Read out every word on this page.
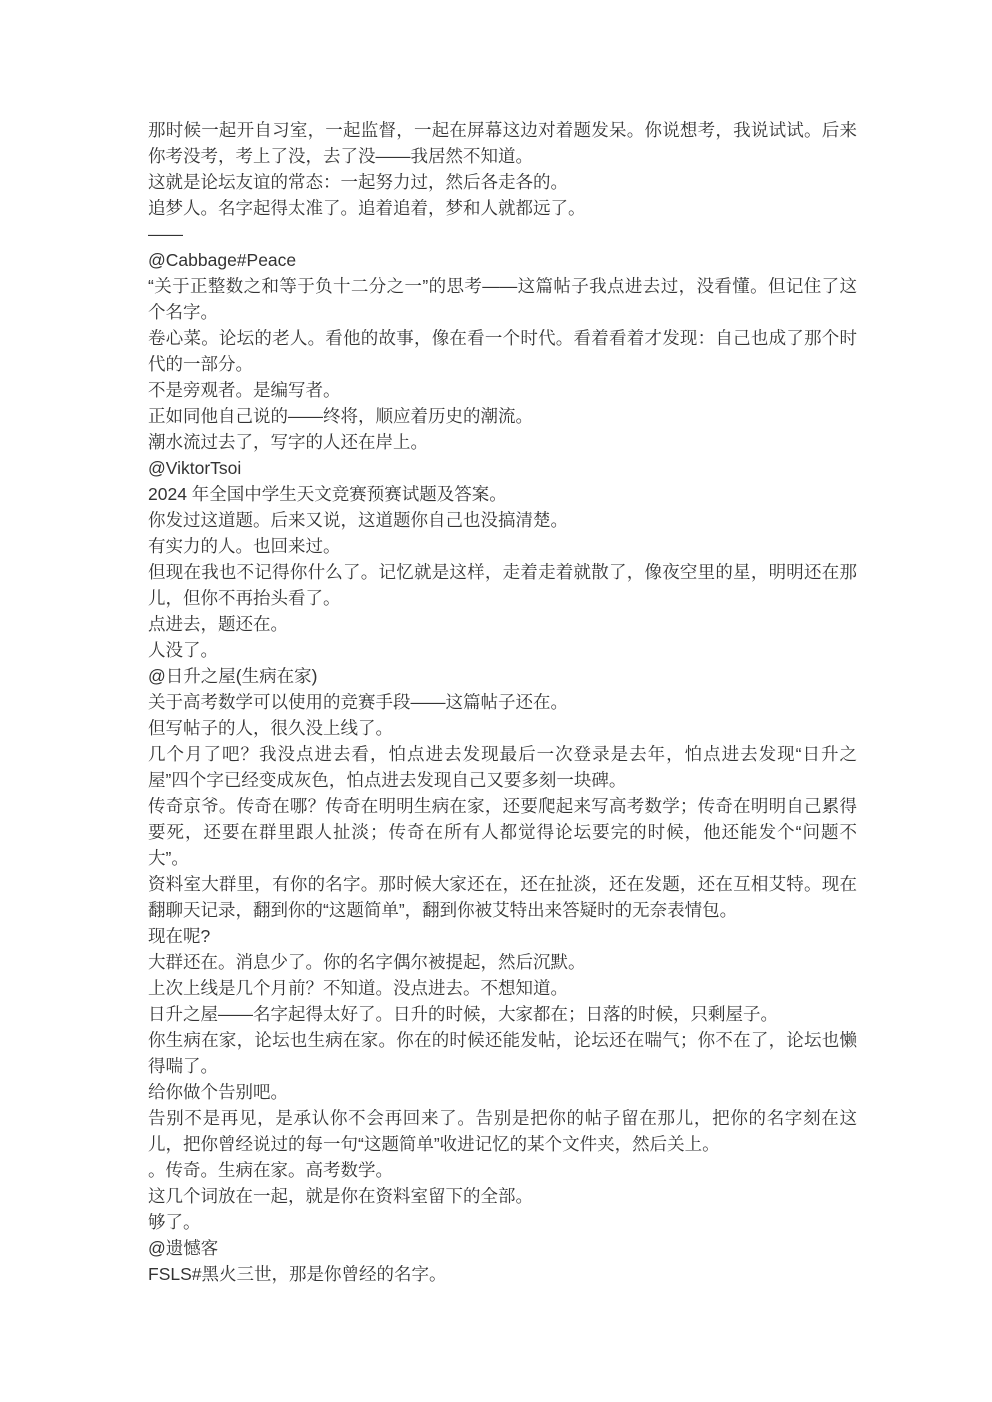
那时候一起开自习室，一起监督，一起在屏幕这边对着题发呆。你说想考，我说试试。后来你考没考，考上了没，去了没——我居然不知道。

这就是论坛友谊的常态：一起努力过，然后各走各的。

追梦人。名字起得太准了。追着追着，梦和人就都远了。

——

@Cabbage#Peace

“关于正整数之和等于负十二分之一”的思考——这篇帖子我点进去过，没看懂。但记住了这个名字。

卷心菜。论坛的老人。看他的故事，像在看一个时代。看着看着才发现：自己也成了那个时代的一部分。

不是旁观者。是编写者。

正如同他自己说的——终将，顺应着历史的潮流。

潮水流过去了，写字的人还在岸上。

@ViktorTsoi

2024 年全国中学生天文竞赛预赛试题及答案。

你发过这道题。后来又说，这道题你自己也没搞清楚。

有实力的人。也回来过。

但现在我也不记得你什么了。记忆就是这样，走着走着就散了，像夜空里的星，明明还在那儿，但你不再抬头看了。

点进去，题还在。

人没了。

@日升之屋(生病在家)

关于高考数学可以使用的竞赛手段——这篇帖子还在。

但写帖子的人，很久没上线了。

几个月了吧？我没点进去看，怕点进去发现最后一次登录是去年，怕点进去发现“日升之屋”四个字已经变成灰色，怕点进去发现自己又要多刻一块碑。

传奇京爷。传奇在哪？传奇在明明生病在家，还要爬起来写高考数学；传奇在明明自己累得要死，还要在群里跟人扯淡；传奇在所有人都觉得论坛要完的时候，他还能发个“问题不大”。

资料室大群里，有你的名字。那时候大家还在，还在扯淡，还在发题，还在互相艾特。现在翻聊天记录，翻到你的“这题简单”，翻到你被艾特出来答疑时的无奈表情包。

现在呢?

大群还在。消息少了。你的名字偶尔被提起，然后沉默。

上次上线是几个月前？不知道。没点进去。不想知道。

日升之屋——名字起得太好了。日升的时候，大家都在；日落的时候，只剩屋子。

你生病在家，论坛也生病在家。你在的时候还能发帖，论坛还在喘气；你不在了，论坛也懒得喘了。

给你做个告别吧。

告别不是再见，是承认你不会再回来了。告别是把你的帖子留在那儿，把你的名字刻在这儿，把你曾经说过的每一句“这题简单”收进记忆的某个文件夹，然后关上。

。传奇。生病在家。高考数学。

这几个词放在一起，就是你在资料室留下的全部。

够了。

@遗憾客

FSLS#黑火三世，那是你曾经的名字。
